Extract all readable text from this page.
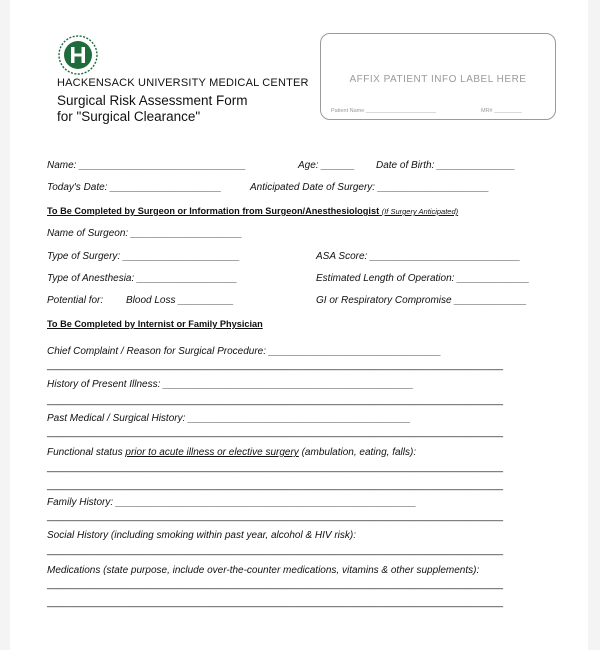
HACKENSACK UNIVERSITY MEDICAL CENTER
Surgical Risk Assessment Form
for "Surgical Clearance"
AFFIX PATIENT INFO LABEL HERE
Patient Name _______________________	MR# _________
Name: ______________________________	Age: ______ Date of Birth: ______________
Today's Date: ____________________	Anticipated Date of Surgery: ____________________
To Be Completed by Surgeon or Information from Surgeon/Anesthesiologist (If Surgery Anticipated)
Name of Surgeon: ____________________
Type of Surgery: _____________________	ASA Score: ___________________________
Type of Anesthesia: __________________	Estimated Length of Operation: _____________
Potential for: Blood Loss __________	GI or Respiratory Compromise _____________
To Be Completed by Internist or Family Physician
Chief Complaint / Reason for Surgical Procedure: _______________________________
__________________________________________________________________________________
History of Present Illness: _____________________________________________
__________________________________________________________________________________
Past Medical / Surgical History: ________________________________________
__________________________________________________________________________________
Functional status prior to acute illness or elective surgery (ambulation, eating, falls):
__________________________________________________________________________________
__________________________________________________________________________________
Family History: ______________________________________________________
__________________________________________________________________________________
Social History (including smoking within past year, alcohol & HIV risk):
__________________________________________________________________________________
Medications (state purpose, include over-the-counter medications, vitamins & other supplements):
__________________________________________________________________________________
__________________________________________________________________________________
